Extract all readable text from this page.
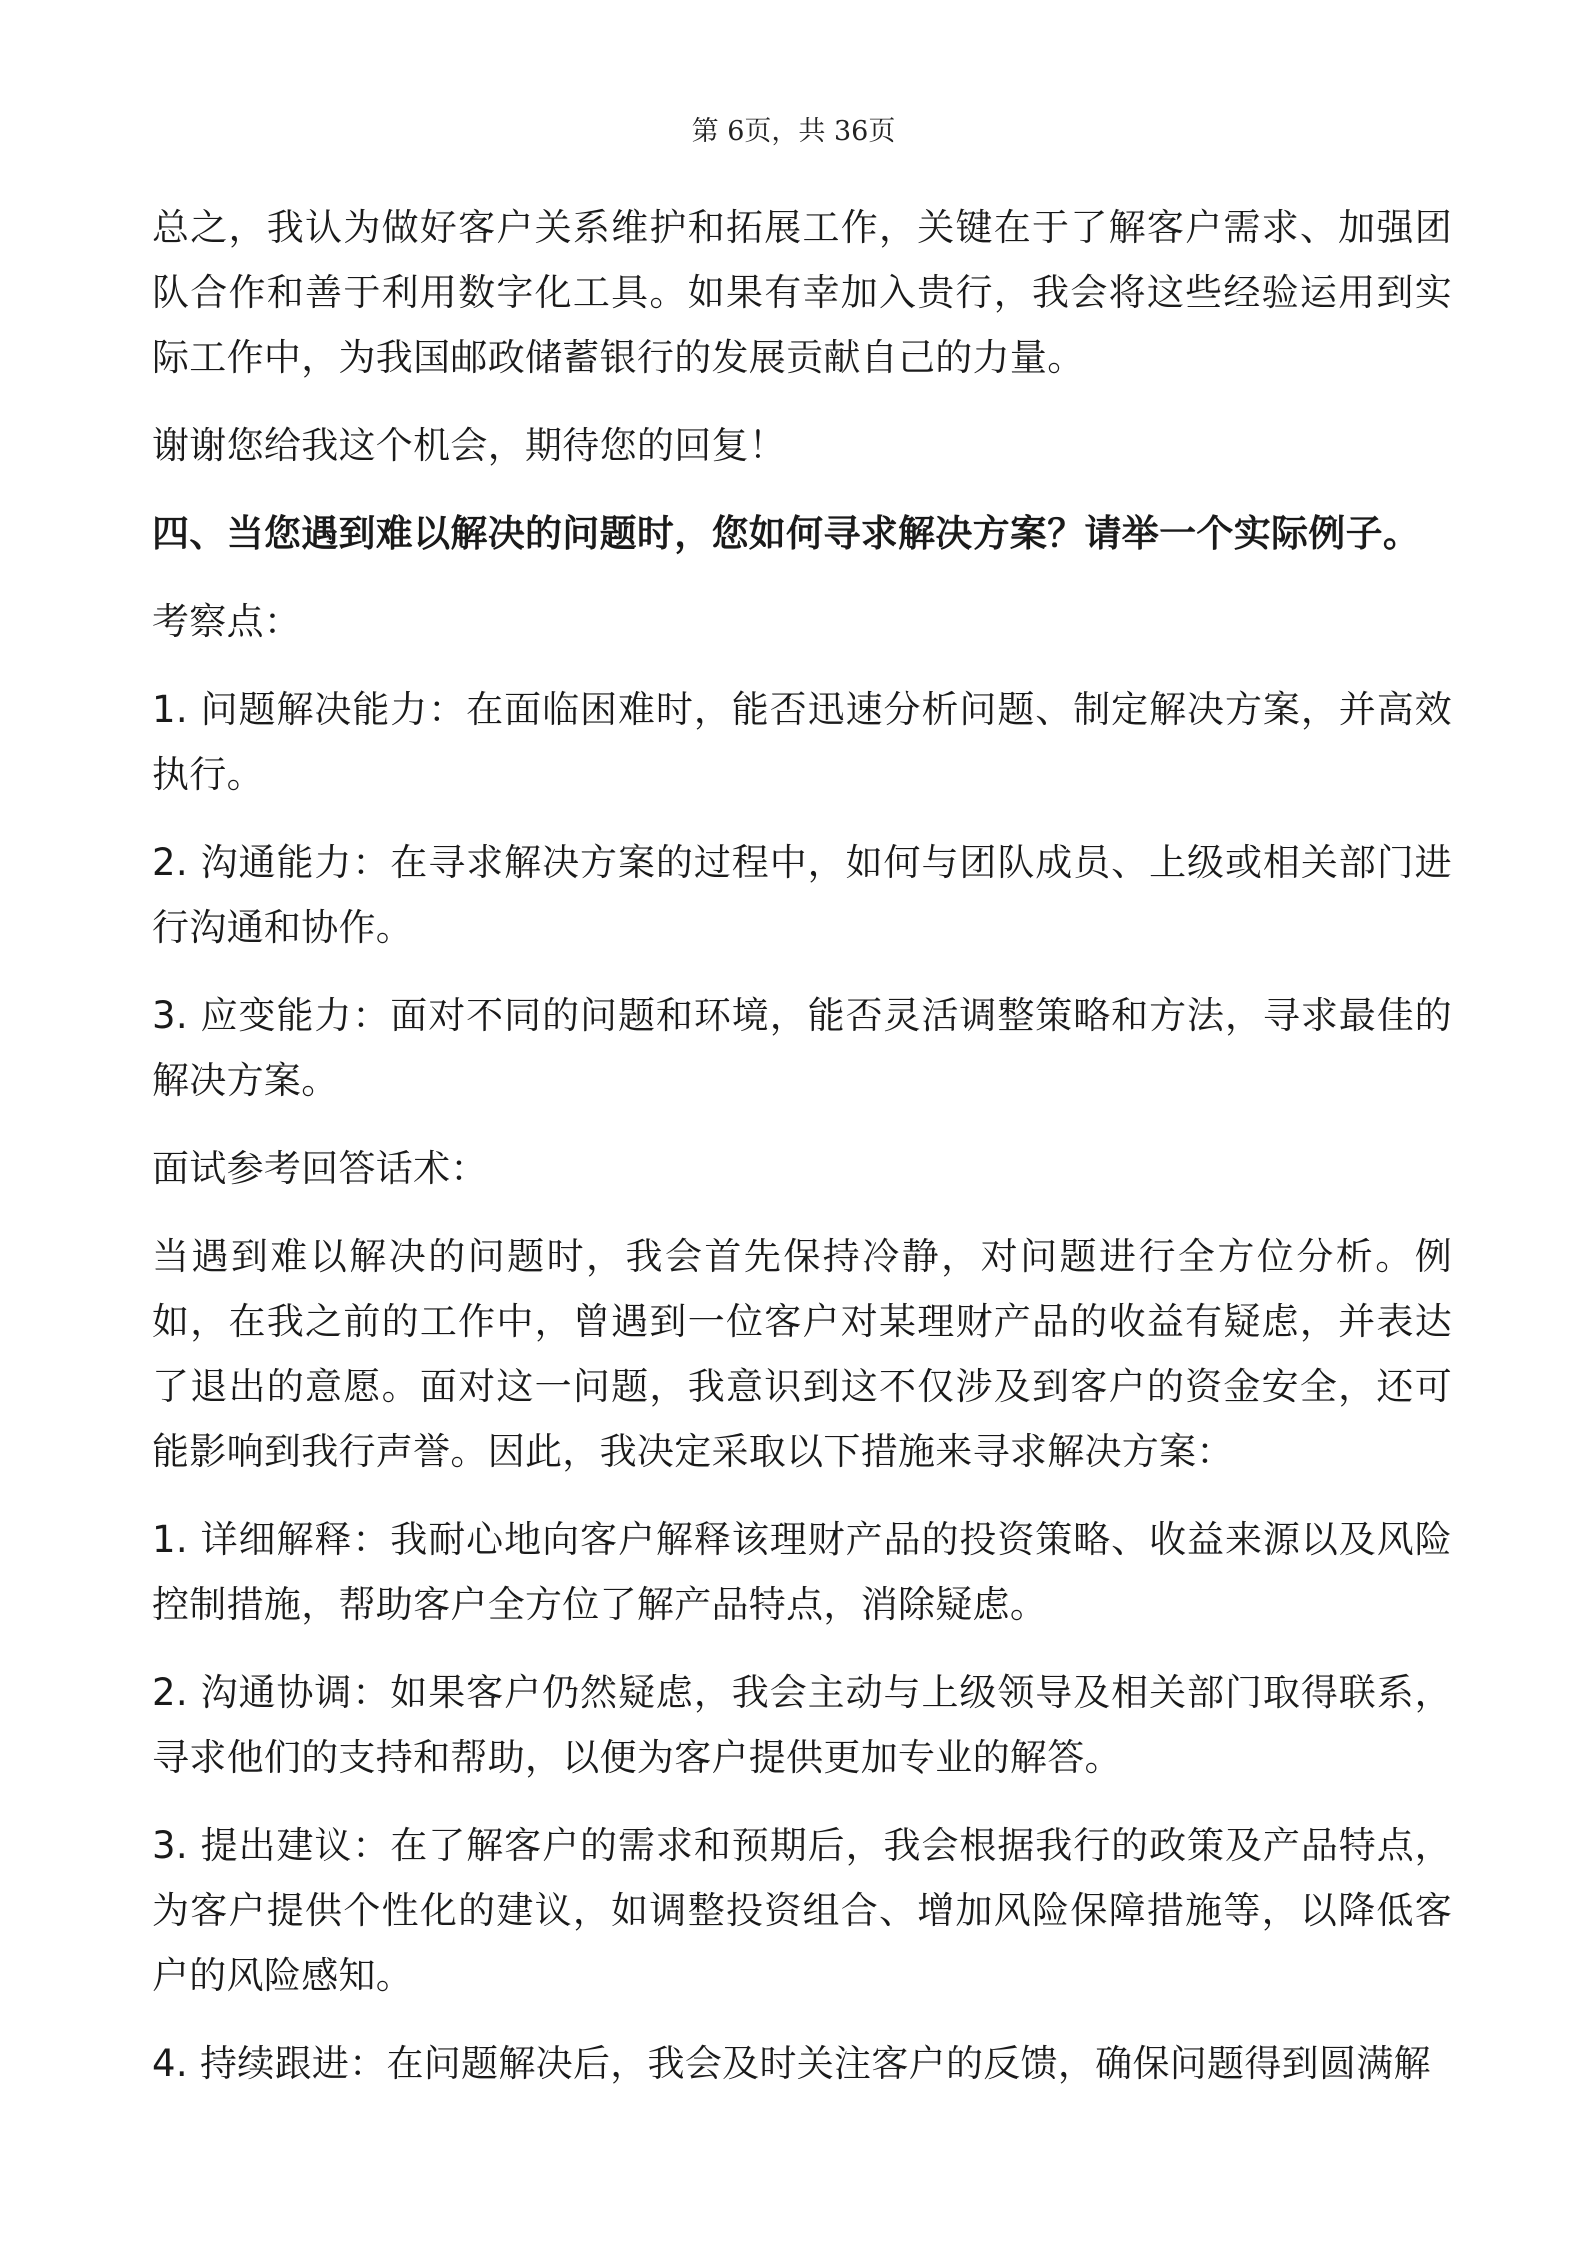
第 6页，共 36页

总之，我认为做好客户关系维护和拓展工作，关键在于了解客户需求、加强团队合作和善于利用数字化工具。如果有幸加入贵行，我会将这些经验运用到实际工作中，为我国邮政储蓄银行的发展贡献自己的力量。

谢谢您给我这个机会，期待您的回复！

四、当您遇到难以解决的问题时，您如何寻求解决方案？请举一个实际例子。

考察点：

1. 问题解决能力：在面临困难时，能否迅速分析问题、制定解决方案，并高效执行。

2. 沟通能力：在寻求解决方案的过程中，如何与团队成员、上级或相关部门进行沟通和协作。

3. 应变能力：面对不同的问题和环境，能否灵活调整策略和方法，寻求最佳的解决方案。

面试参考回答话术：

当遇到难以解决的问题时，我会首先保持冷静，对问题进行全方位分析。例如，在我之前的工作中，曾遇到一位客户对某理财产品的收益有疑虑，并表达了退出的意愿。面对这一问题，我意识到这不仅涉及到客户的资金安全，还可能影响到我行声誉。因此，我决定采取以下措施来寻求解决方案：

1. 详细解释：我耐心地向客户解释该理财产品的投资策略、收益来源以及风险控制措施，帮助客户全方位了解产品特点，消除疑虑。

2. 沟通协调：如果客户仍然疑虑，我会主动与上级领导及相关部门取得联系，寻求他们的支持和帮助，以便为客户提供更加专业的解答。

3. 提出建议：在了解客户的需求和预期后，我会根据我行的政策及产品特点，为客户提供个性化的建议，如调整投资组合、增加风险保障措施等，以降低客户的风险感知。

4. 持续跟进：在问题解决后，我会及时关注客户的反馈，确保问题得到圆满解
